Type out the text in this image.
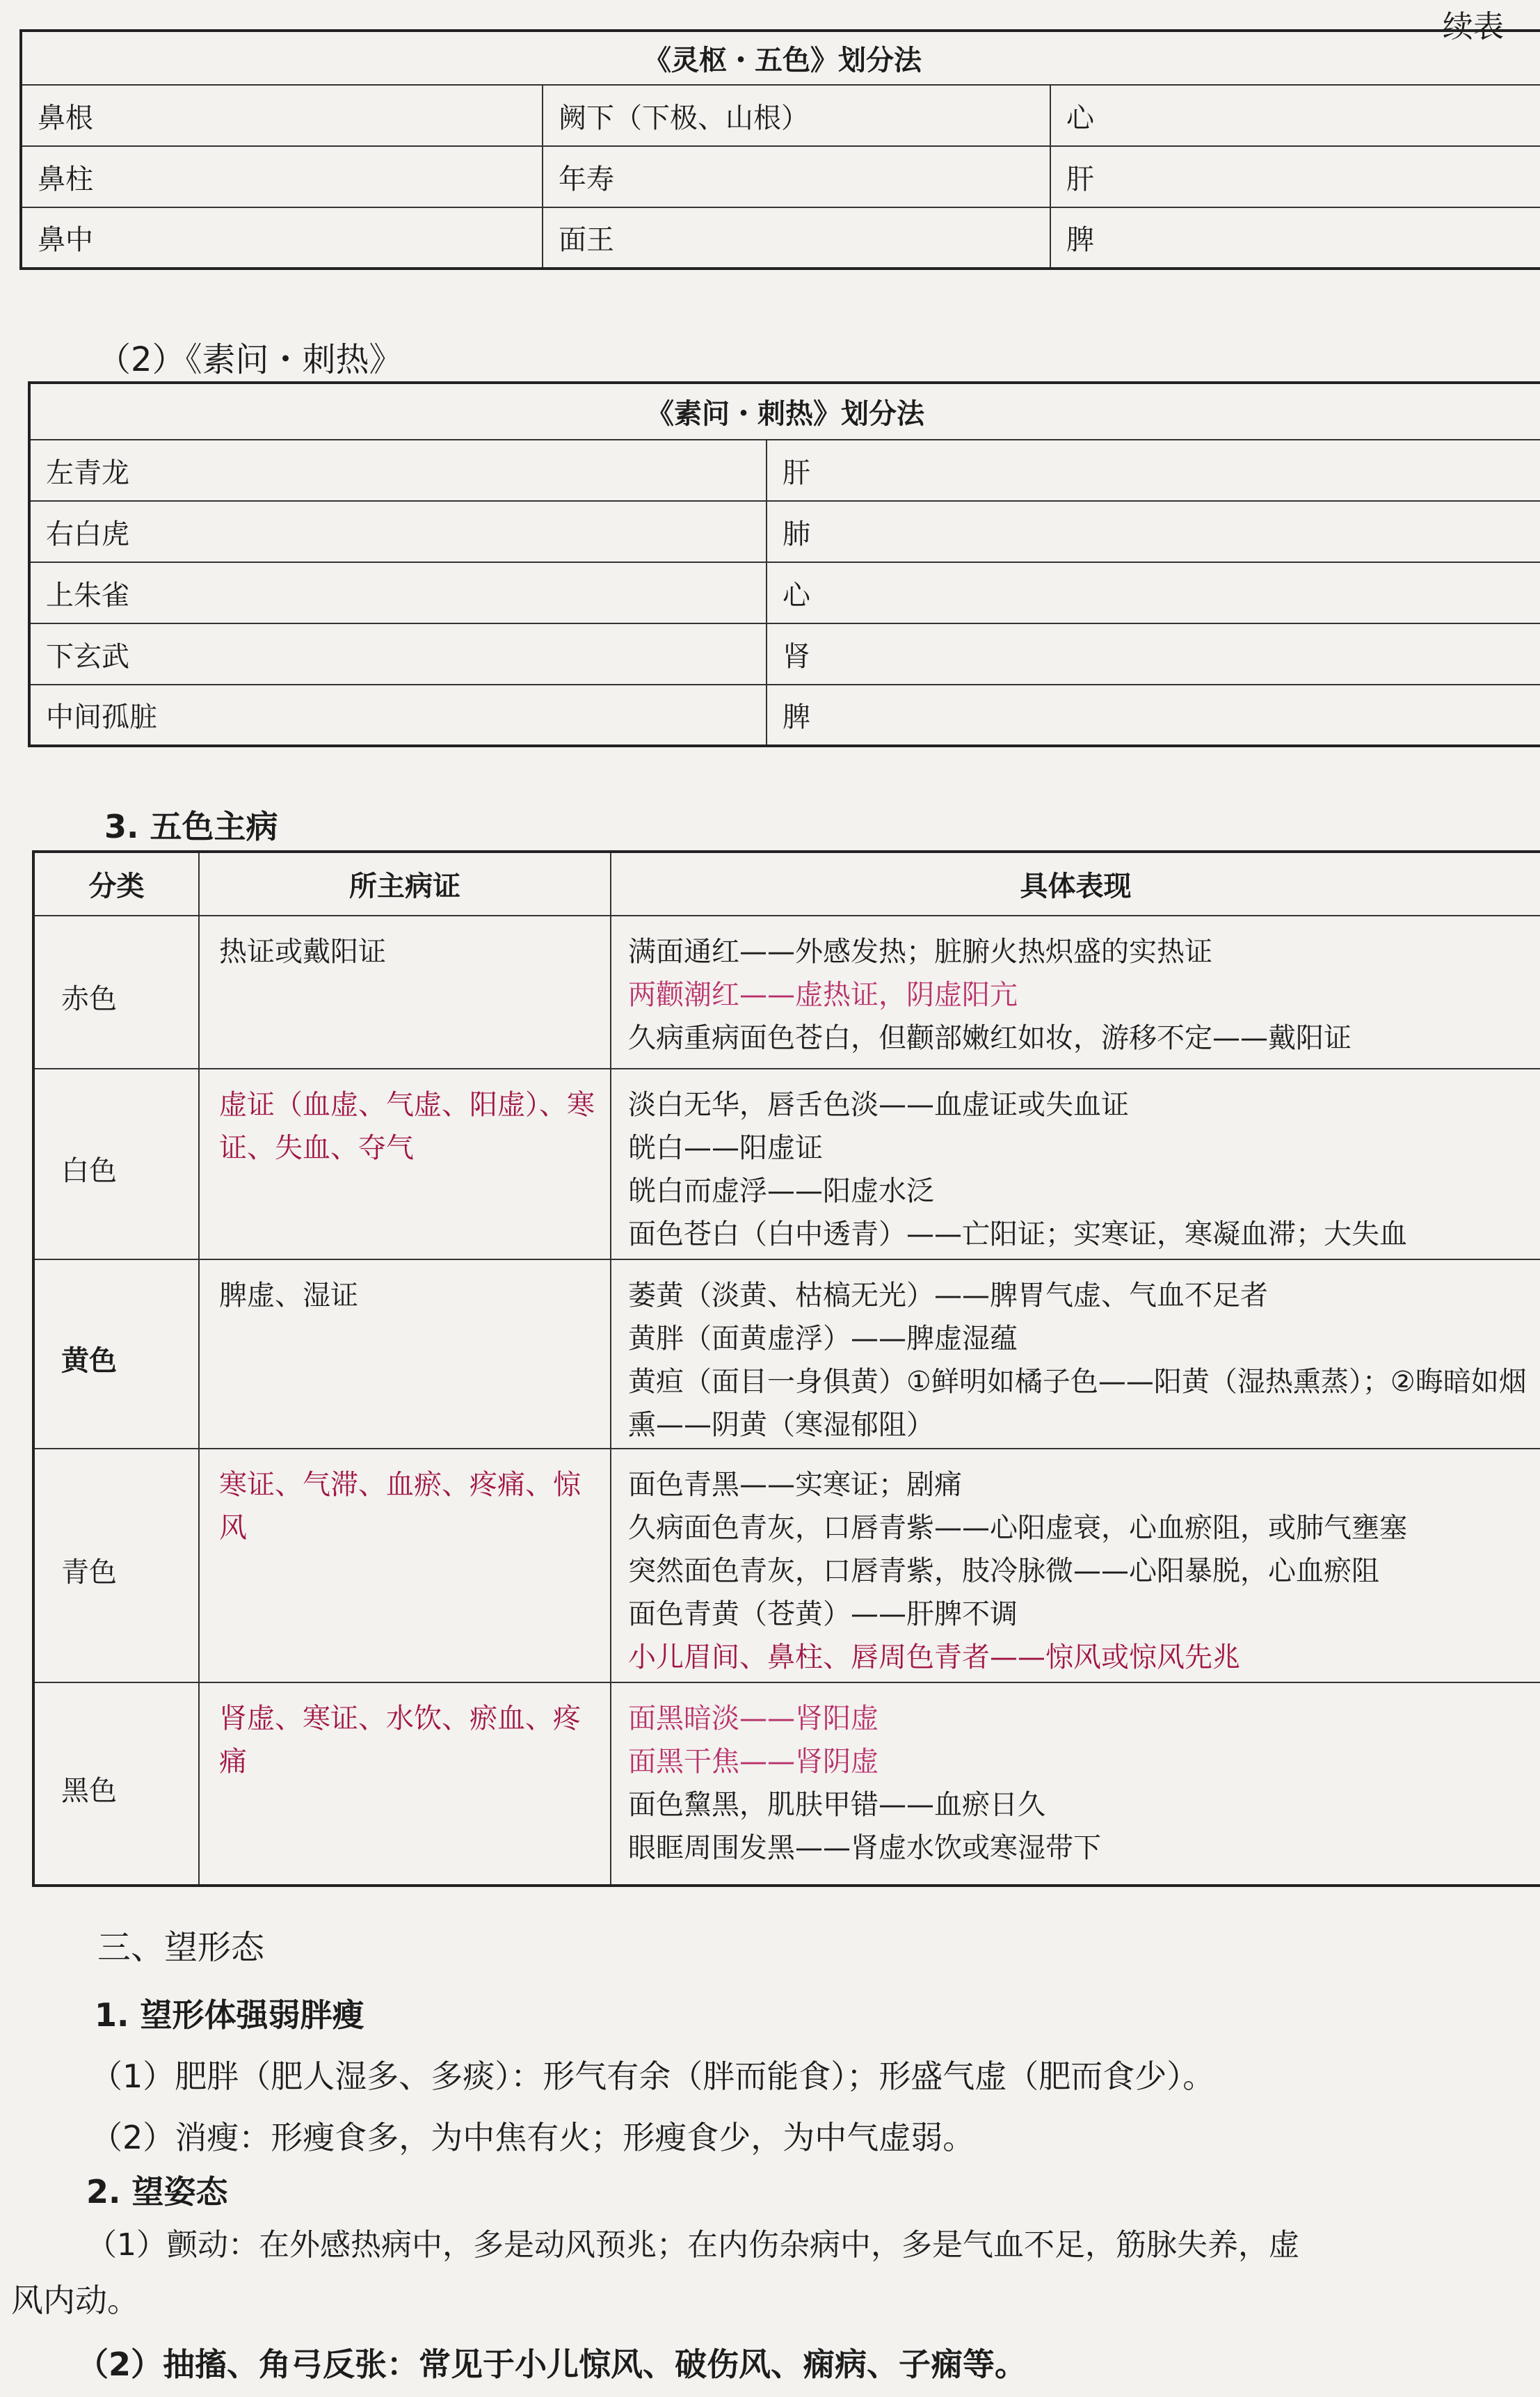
续表
《灵枢・五色》划分法		
鼻根	阙下（下极、山根）	心
鼻柱	年寿	肝
鼻中	面王	脾
（2）《素问・刺热》
《素问・刺热》划分法	
左青龙	肝
右白虎	肺
上朱雀	心
下玄武	肾
中间孤脏	脾
3. 五色主病
分类	所主病证	具体表现
赤色	热证或戴阳证	满面通红——外感发热；脏腑火热炽盛的实热证
两颧潮红——虚热证，阴虚阳亢
久病重病面色苍白，但颧部嫩红如妆，游移不定——戴阳证

白色	虚证（血虚、气虚、阳虚）、寒证、失血、夺气	淡白无华，唇舌色淡——血虚证或失血证
㿠白——阳虚证
㿠白而虚浮——阳虚水泛
面色苍白（白中透青）——亡阳证；实寒证，寒凝血滞；大失血

黄色	脾虚、湿证	萎黄（淡黄、枯槁无光）——脾胃气虚、气血不足者
黄胖（面黄虚浮）——脾虚湿蕴
黄疸（面目一身俱黄）①鲜明如橘子色——阳黄（湿热熏蒸）；②晦暗如烟熏——阴黄（寒湿郁阻）

青色	寒证、气滞、血瘀、疼痛、惊风	面色青黑——实寒证；剧痛
久病面色青灰，口唇青紫——心阳虚衰，心血瘀阻，或肺气壅塞
突然面色青灰，口唇青紫，肢冷脉微——心阳暴脱，心血瘀阻
面色青黄（苍黄）——肝脾不调
小儿眉间、鼻柱、唇周色青者——惊风或惊风先兆

黑色	肾虚、寒证、水饮、瘀血、疼痛	面黑暗淡——肾阳虚
面黑干焦——肾阴虚
面色黧黑，肌肤甲错——血瘀日久
眼眶周围发黑——肾虚水饮或寒湿带下
三、望形态
1. 望形体强弱胖瘦
（1）肥胖（肥人湿多、多痰）：形气有余（胖而能食）；形盛气虚（肥而食少）。
（2）消瘦：形瘦食多，为中焦有火；形瘦食少，为中气虚弱。
2. 望姿态
（1）颤动：在外感热病中，多是动风预兆；在内伤杂病中，多是气血不足，筋脉失养，虚
风内动。
（2）抽搐、角弓反张：常见于小儿惊风、破伤风、痫病、子痫等。
